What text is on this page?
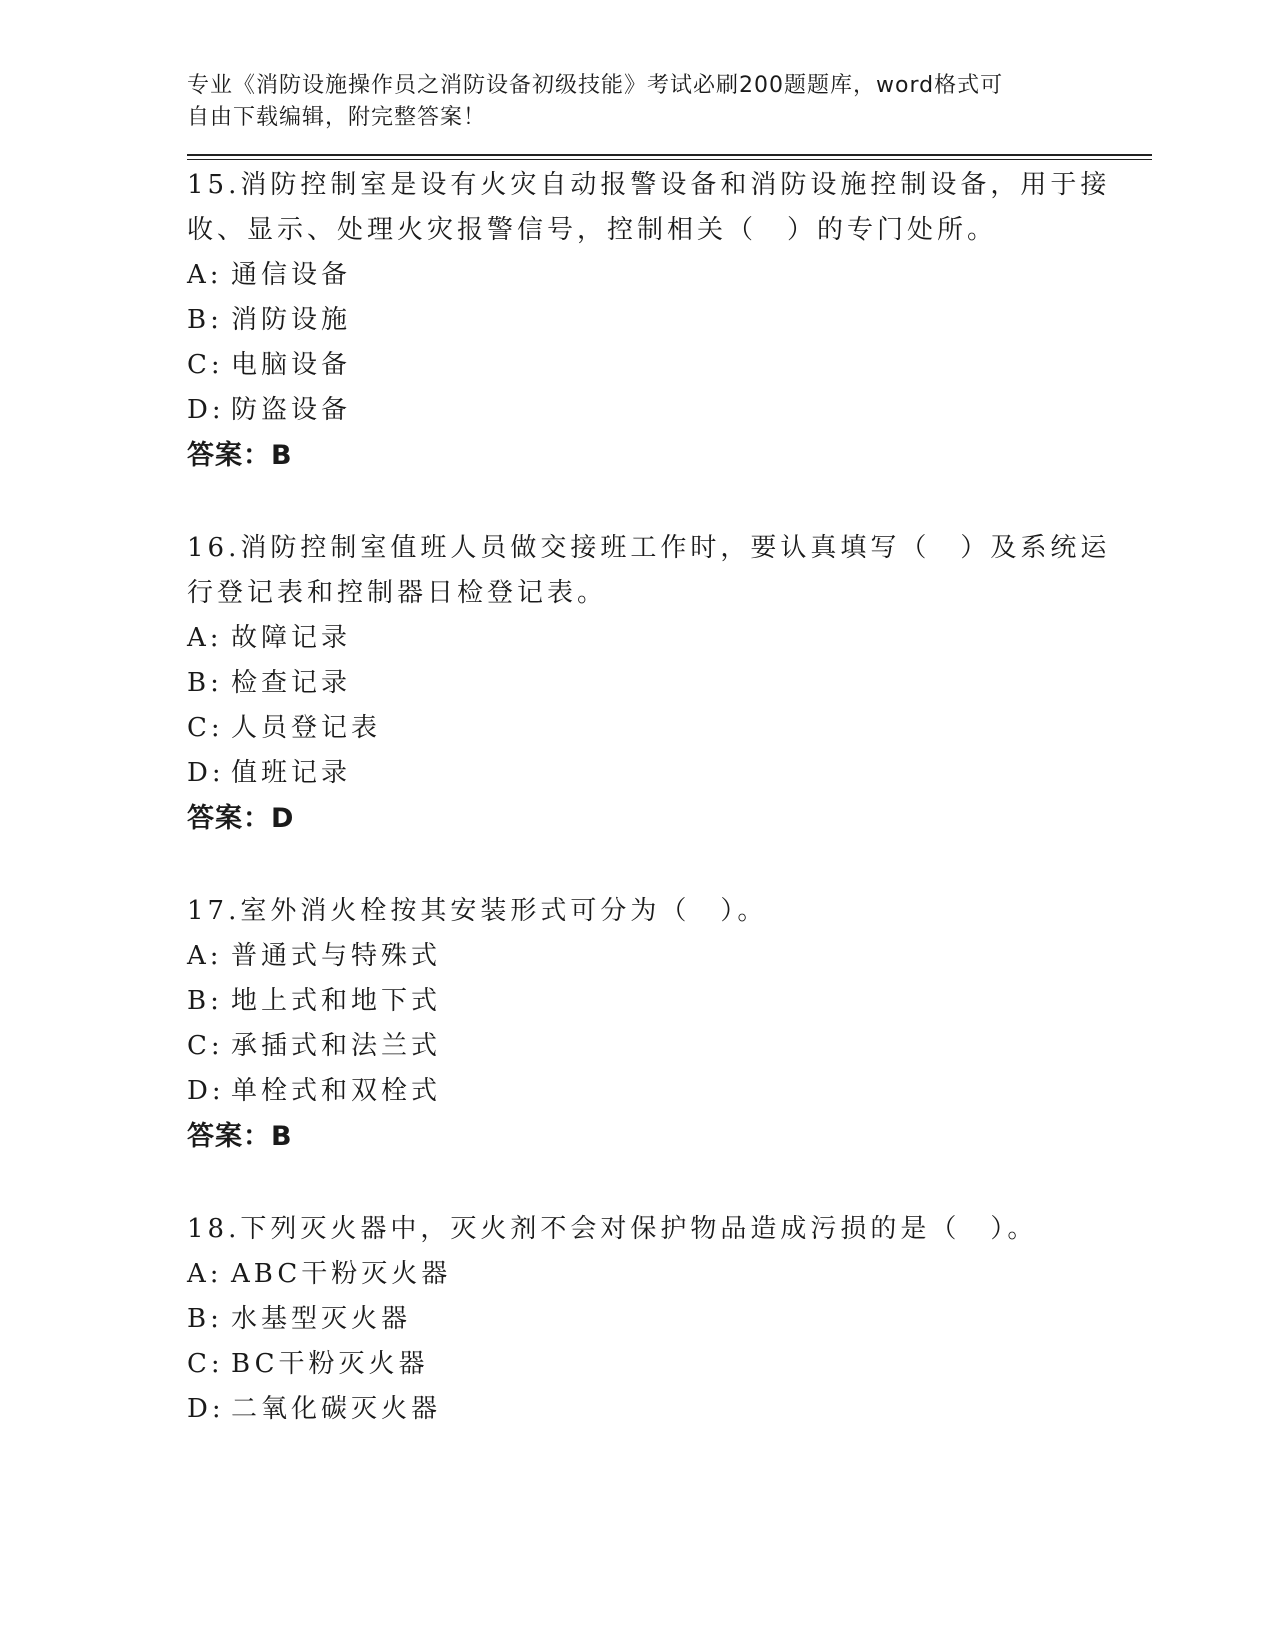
专业《消防设施操作员之消防设备初级技能》考试必刷200题题库，word格式可
自由下载编辑，附完整答案！
15.消防控制室是设有火灾自动报警设备和消防设施控制设备，用于接
收、显示、处理火灾报警信号，控制相关（　）的专门处所。
A: 通信设备
B: 消防设施
C: 电脑设备
D: 防盗设备
答案：B
16.消防控制室值班人员做交接班工作时，要认真填写（　）及系统运
行登记表和控制器日检登记表。
A: 故障记录
B: 检查记录
C: 人员登记表
D: 值班记录
答案：D
17.室外消火栓按其安装形式可分为（　）。
A: 普通式与特殊式
B: 地上式和地下式
C: 承插式和法兰式
D: 单栓式和双栓式
答案：B
18.下列灭火器中，灭火剂不会对保护物品造成污损的是（　）。
A: ABC干粉灭火器
B: 水基型灭火器
C: BC干粉灭火器
D: 二氧化碳灭火器
